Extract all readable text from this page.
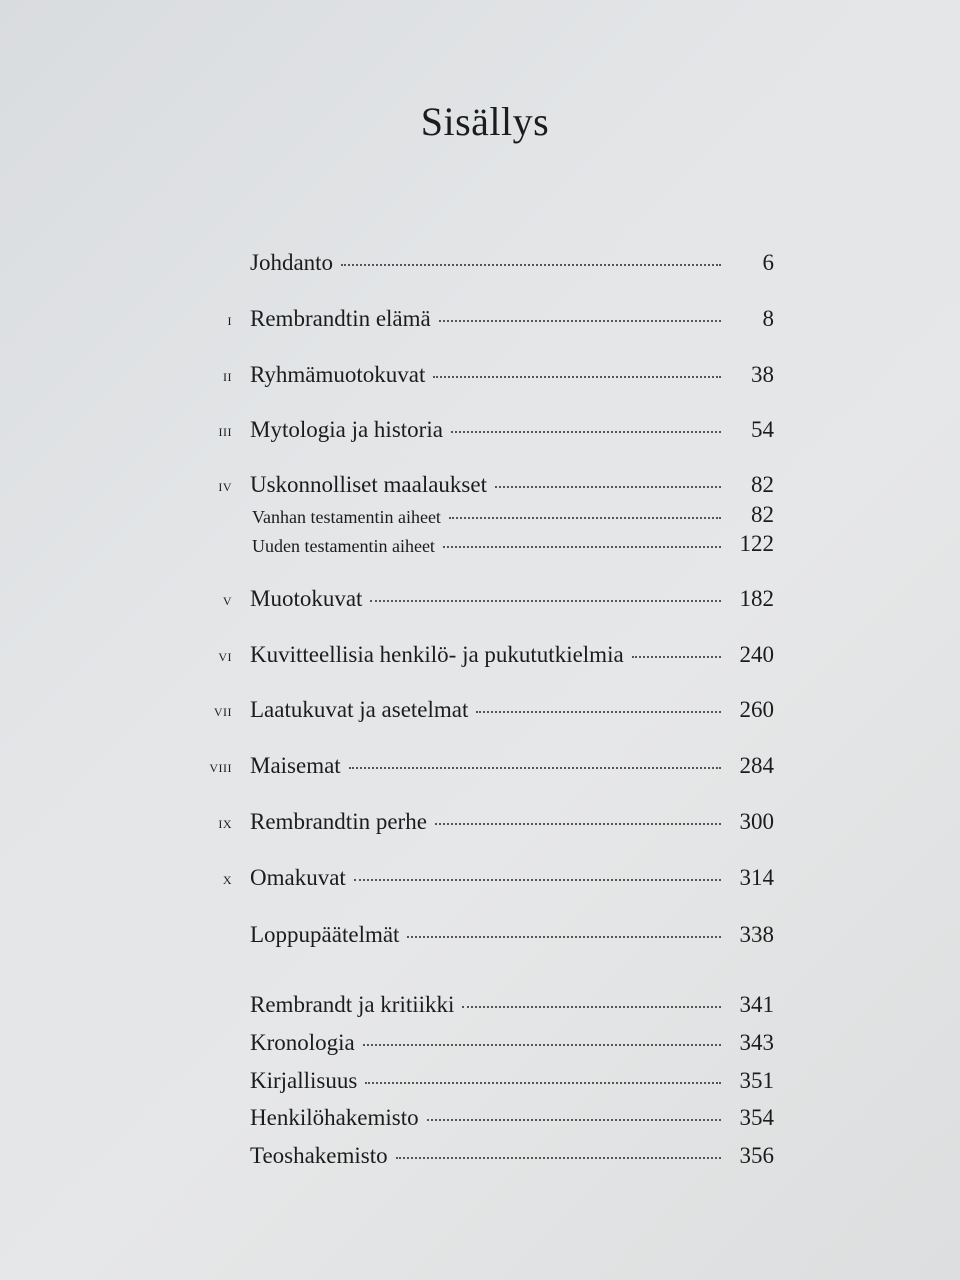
Sisällys
Johdanto	6
i Rembrandtin elämä	8
ii Ryhmämuotokuvat	38
iii Mytologia ja historia	54
iv Uskonnolliset maalaukset	82
Vanhan testamentin aiheet	82
Uuden testamentin aiheet	122
v Muotokuvat	182
vi Kuvitteellisia henkilö- ja pukututkielmia	240
vii Laatukuvat ja asetelmat	260
viii Maisemat	284
ix Rembrandtin perhe	300
x Omakuvat	314
Loppupäätelmät	338
Rembrandt ja kritiikki	341
Kronologia	343
Kirjallisuus	351
Henkilöhakemisto	354
Teoshakemisto	356
